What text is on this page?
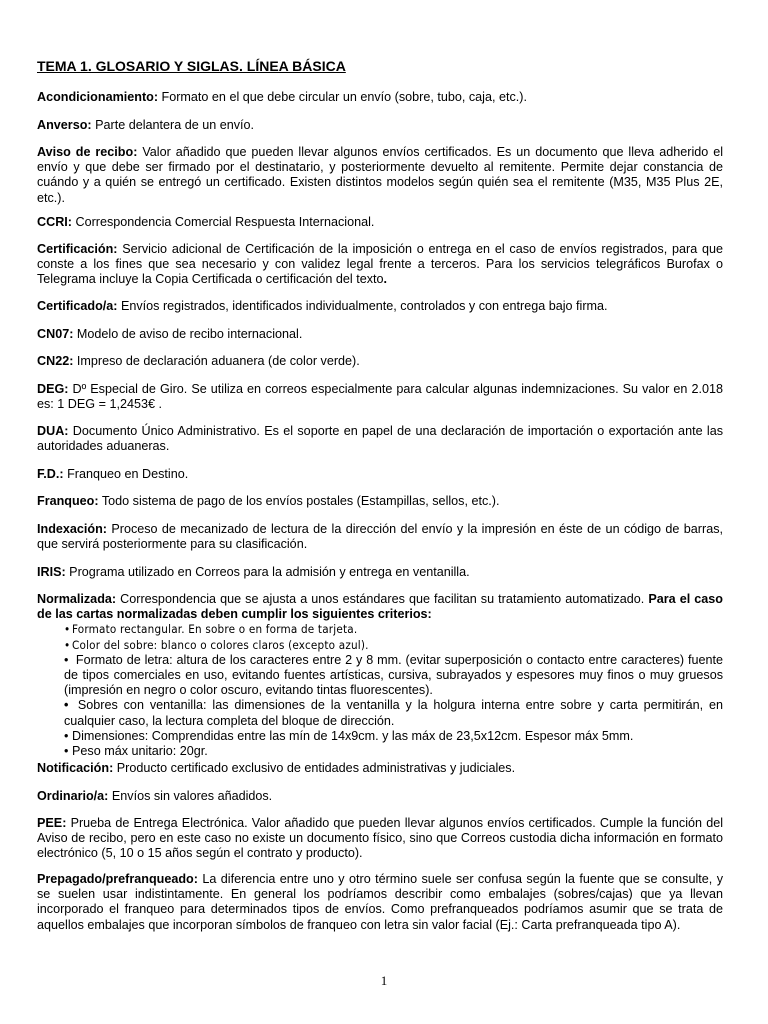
TEMA 1. GLOSARIO Y SIGLAS. LÍNEA BÁSICA

Acondicionamiento: Formato en el que debe circular un envío (sobre, tubo, caja, etc.).

Anverso: Parte delantera de un envío.

Aviso de recibo: Valor añadido que pueden llevar algunos envíos certificados. Es un documento que lleva adherido el envío y que debe ser firmado por el destinatario, y posteriormente devuelto al remitente. Permite dejar constancia de cuándo y a quién se entregó un certificado. Existen distintos modelos según quién sea el remitente (M35, M35 Plus 2E, etc.).

CCRI: Correspondencia Comercial Respuesta Internacional.

Certificación: Servicio adicional de Certificación de la imposición o entrega en el caso de envíos registrados, para que conste a los fines que sea necesario y con validez legal frente a terceros. Para los servicios telegráficos Burofax o Telegrama incluye la Copia Certificada o certificación del texto.

Certificado/a: Envíos registrados, identificados individualmente, controlados y con entrega bajo firma.

CN07: Modelo de aviso de recibo internacional.

CN22: Impreso de declaración aduanera (de color verde).

DEG: Dº Especial de Giro. Se utiliza en correos especialmente para calcular algunas indemnizaciones. Su valor en 2.018 es: 1 DEG = 1,2453€ .

DUA: Documento Único Administrativo. Es el soporte en papel de una declaración de importación o exportación ante las autoridades aduaneras.

F.D.: Franqueo en Destino.

Franqueo: Todo sistema de pago de los envíos postales (Estampillas, sellos, etc.).

Indexación: Proceso de mecanizado de lectura de la dirección del envío y la impresión en éste de un código de barras, que servirá posteriormente para su clasificación.

IRIS: Programa utilizado en Correos para la admisión y entrega en ventanilla.

Normalizada: Correspondencia que se ajusta a unos estándares que facilitan su tratamiento automatizado. Para el caso de las cartas normalizadas deben cumplir los siguientes criterios:

• Formato rectangular. En sobre o en forma de tarjeta.
• Color del sobre: blanco o colores claros (excepto azul).
• Formato de letra: altura de los caracteres entre 2 y 8 mm. (evitar superposición o contacto entre caracteres) fuente de tipos comerciales en uso, evitando fuentes artísticas, cursiva, subrayados y espesores muy finos o muy gruesos (impresión en negro o color oscuro, evitando tintas fluorescentes).
• Sobres con ventanilla: las dimensiones de la ventanilla y la holgura interna entre sobre y carta permitirán, en cualquier caso, la lectura completa del bloque de dirección.
• Dimensiones: Comprendidas entre las mín de 14x9cm. y las máx de 23,5x12cm. Espesor máx 5mm.
• Peso máx unitario: 20gr.

Notificación: Producto certificado exclusivo de entidades administrativas y judiciales.

Ordinario/a: Envíos sin valores añadidos.

PEE: Prueba de Entrega Electrónica. Valor añadido que pueden llevar algunos envíos certificados. Cumple la función del Aviso de recibo, pero en este caso no existe un documento físico, sino que Correos custodia dicha información en formato electrónico (5, 10 o 15 años según el contrato y producto).

Prepagado/prefranqueado: La diferencia entre uno y otro término suele ser confusa según la fuente que se consulte, y se suelen usar indistintamente. En general los podríamos describir como embalajes (sobres/cajas) que ya llevan incorporado el franqueo para determinados tipos de envíos. Como prefranqueados podríamos asumir que se trata de aquellos embalajes que incorporan símbolos de franqueo con letra sin valor facial (Ej.: Carta prefranqueada tipo A).

1
